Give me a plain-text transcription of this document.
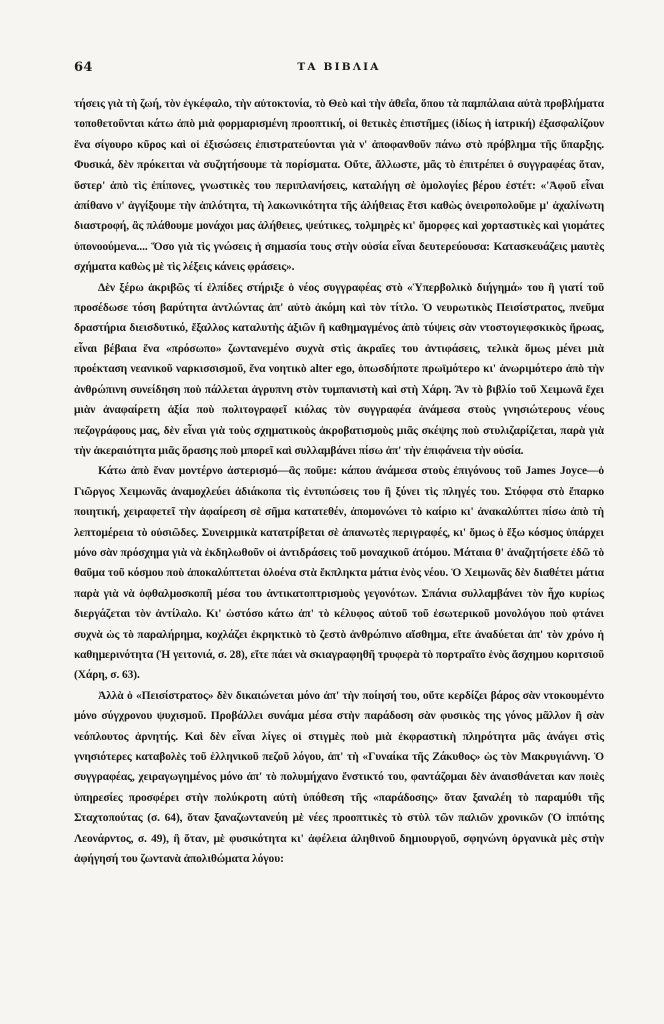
64	ΤΑ ΒΙΒΛΙΑ

τήσεις γιὰ τὴ ζωή, τὸν ἐγκέφαλο, τὴν αὐτοκτονία, τὸ Θεὸ καὶ τὴν ἀθεΐα, ὅπου τὰ παμπάλαια αὐτὰ προβλήματα τοποθετοῦνται κάτω ἀπὸ μιὰ φορμαρισμένη προοπτική, οἱ θετικὲς ἐπιστῆμες (ἰδίως ἡ ἰατρική) ἐξασφαλίζουν ἕνα σίγουρο κῦρος καὶ οἱ ἐξισώσεις ἐπιστρατεύονται γιὰ ν' ἀποφανθοῦν πάνω στὸ πρόβλημα τῆς ὕπαρξης. Φυσικά, δὲν πρόκειται νὰ συζητήσουμε τὰ πορίσματα. Οὔτε, ἄλλωστε, μᾶς τὸ ἐπιτρέπει ὁ συγγραφέας ὅταν, ὕστερ' ἀπὸ τὶς ἐπίπονες, γνωστικὲς του περιπλανήσεις, καταλήγη σὲ ὁμολογίες βέρου ἐστέτ: «'Ἀφοῦ εἶναι ἀπίθανο ν' ἀγγίξουμε τὴν ἁπλότητα, τὴ λακωνικότητα τῆς ἀλήθειας ἔτσι καθὼς ὀνειροπολοῦμε μ' ἀχαλίνωτη διαστροφή, ἂς πλάθουμε μονάχοι μας ἀλήθειες, ψεύτικες, τολμηρὲς κι' ὄμορφες καὶ χορταστικὲς καὶ γιομάτες ὑπονοούμενα.... Ὅσο γιὰ τὶς γνώσεις ἡ σημασία τους στὴν οὐσία εἶναι δευτερεύουσα: Κατασκευάζεις μαυτὲς σχήματα καθὼς μὲ τὶς λέξεις κάνεις φράσεις».

Δὲν ξέρω ἀκριβῶς τί ἐλπίδες στήριξε ὁ νέος συγγραφέας στὸ «Ὑπερβολικὸ διήγημά» του ἢ γιατί τοῦ προσέδωσε τόση βαρύτητα ἀντλώντας ἀπ' αὐτὸ ἀκόμη καὶ τὸν τίτλο. Ὁ νευρωτικὸς Πεισίστρατος, πνεῦμα δραστήρια διεισδυτικό, ἔξαλλος καταλυτὴς ἀξιῶν ἢ καθημαγμένος ἀπὸ τύψεις σὰν ντοστογιεφσκικὸς ἥρωας, εἶναι βέβαια ἕνα «πρόσωπο» ζωντανεμένο συχνὰ στὶς ἀκραῖες του ἀντιφάσεις, τελικὰ ὅμως μένει μιὰ προέκταση νεανικοῦ ναρκισσισμοῦ, ἕνα νοητικὸ alter ego, ὁπωσδήποτε πρωϊμότερο κι' ἀνωριμότερο ἀπὸ τὴν ἀνθρώπινη συνείδηση ποὺ πάλλεται ἀγρυπνη στὸν τυμπανιστὴ καὶ στὴ Χάρη. Ἂν τὸ βιβλίο τοῦ Χειμωνᾶ ἔχει μιὰν ἀναφαίρετη ἀξία ποὺ πολιτογραφεῖ κιόλας τὸν συγγραφέα ἀνάμεσα στοὺς γνησιώτερους νέους πεζογράφους μας, δὲν εἶναι γιὰ τοὺς σχηματικοὺς ἀκροβατισμοὺς μιᾶς σκέψης ποὺ στυλιζαρίζεται, παρὰ γιὰ τὴν ἀκεραιότητα μιᾶς ὅρασης ποὺ μπορεῖ καὶ συλλαμβάνει πίσω ἀπ' τὴν ἐπιφάνεια τὴν οὐσία.

Κάτω ἀπὸ ἕναν μοντέρνο ἀστερισμό—ἂς ποῦμε: κάπου ἀνάμεσα στοὺς ἐπιγόνους τοῦ James Joyce—ὁ Γιῶργος Χειμωνᾶς ἀναμοχλεύει ἀδιάκοπα τὶς ἐντυπώσεις του ἢ ξύνει τὶς πληγές του. Στόφφα στὸ ἔπαρκο ποιητική, χειραφετεῖ τὴν ἀφαίρεση σὲ σῆμα κατατεθέν, ἀπομονώνει τὸ καίριο κι' ἀνακαλύπτει πίσω ἀπὸ τὴ λεπτομέρεια τὸ οὐσιῶδες. Συνειρμικὰ κατατρίβεται σὲ ἀπανωτὲς περιγραφές, κι' ὅμως ὁ ἔξω κόσμος ὑπάρχει μόνο σὰν πρόσχημα γιὰ νὰ ἐκδηλωθοῦν οἱ ἀντιδράσεις τοῦ μοναχικοῦ ἀτόμου. Μάταια θ' ἀναζητήσετε ἐδῶ τὸ θαῦμα τοῦ κόσμου ποὺ ἀποκαλύπτεται ὁλοένα στὰ ἔκπληκτα μάτια ἑνὸς νέου. Ὁ Χειμωνᾶς δὲν διαθέτει μάτια παρὰ γιὰ νὰ ὀφθαλμοσκοπῆ μέσα του ἀντικατοπτρισμοὺς γεγονότων. Σπάνια συλλαμβάνει τὸν ἦχο κυρίως διεργάζεται τὸν ἀντίλαλο. Κι' ὡστόσο κάτω ἀπ' τὸ κέλυφος αὐτοῦ τοῦ ἐσωτερικοῦ μονολόγου ποὺ φτάνει συχνὰ ὡς τὸ παραλήρημα, κοχλάζει ἐκρηκτικὸ τὸ ζεστὸ ἀνθρώπινο αἴσθημα, εἴτε ἀναδύεται ἀπ' τὸν χρόνο ἡ καθημερινότητα (Ἡ γειτονιά, σ. 28), εἴτε πάει νὰ σκιαγραφηθῆ τρυφερὰ τὸ πορτραῖτο ἑνὸς ἄσχημου κοριτσιοῦ (Χάρη, σ. 63).

Ἀλλὰ ὁ «Πεισίστρατος» δὲν δικαιώνεται μόνο ἀπ' τὴν ποίησή του, οὔτε κερδίζει βάρος σὰν ντοκουμέντο μόνο σύγχρονου ψυχισμοῦ. Προβάλλει συνάμα μέσα στὴν παράδοση σὰν φυσικὸς της γόνος μᾶλλον ἢ σὰν νεόπλουτος ἀρνητής. Καὶ δὲν εἶναι λίγες οἱ στιγμὲς ποὺ μιὰ ἐκφραστικὴ πληρότητα μᾶς ἀνάγει στὶς γνησιότερες καταβολὲς τοῦ ἑλληνικοῦ πεζοῦ λόγου, ἀπ' τὴ «Γυναίκα τῆς Ζάκυθος» ὡς τὸν Μακρυγιάννη. Ὁ συγγραφέας, χειραγωγημένος μόνο ἀπ' τὸ πολυμήχανο ἔνστικτό του, φαντάζομαι δὲν ἀναισθάνεται καν ποιὲς ὑπηρεσίες προσφέρει στὴν πολύκροτη αὐτὴ ὑπόθεση τῆς «παράδοσης» ὅταν ξαναλέη τὸ παραμύθι τῆς Σταχτοπούτας (σ. 64), ὅταν ξαναζωντανεύη μὲ νέες προοπτικὲς τὸ στὺλ τῶν παλιῶν χρονικῶν (Ὁ ἱππότης Λεονάρντος, σ. 49), ἢ ὅταν, μὲ φυσικότητα κι' ἀφέλεια ἀληθινοῦ δημιουργοῦ, σφηνώνη ὀργανικὰ μὲς στὴν ἀφήγησή του ζωντανὰ ἀπολιθώματα λόγου:
